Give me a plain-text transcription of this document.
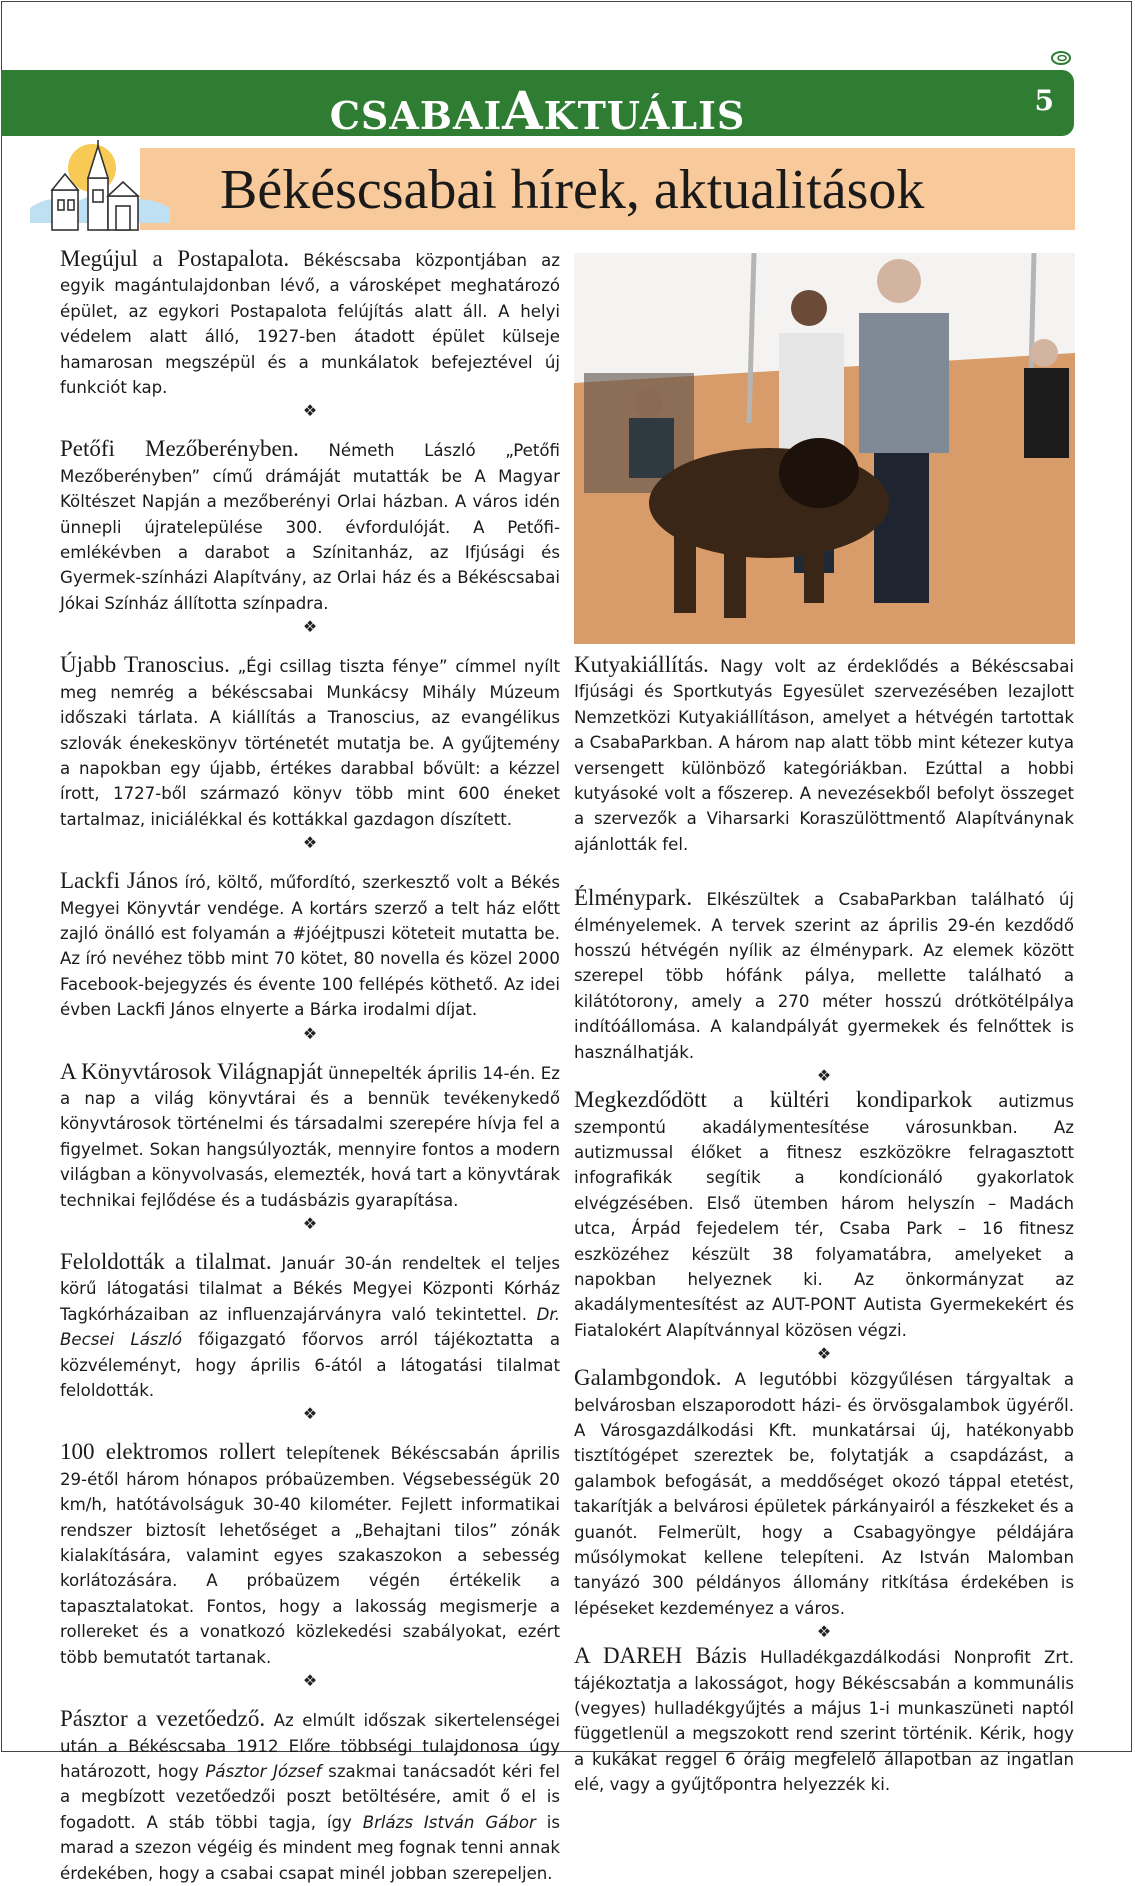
CSABAIAKTUÁLIS	5
Békéscsabai hírek, aktualitások

Megújul a Postapalota. Békéscsaba központjában az egyik magántulajdonban lévő, a városképet meghatározó épület, az egykori Postapalota felújítás alatt áll. A helyi védelem alatt álló, 1927-ben átadott épület külseje hamarosan megszépül és a munkálatok befejeztével új funkciót kap.

❖

Petőfi Mezőberényben. Németh László „Petőfi Mezőberényben” című drámáját mutatták be A Magyar Költészet Napján a mezőberényi Orlai házban. A város idén ünnepli újratelepülése 300. évfordulóját. A Petőfi-emlékévben a darabot a Színitanház, az Ifjúsági és Gyermek-színházi Alapítvány, az Orlai ház és a Békéscsabai Jókai Színház állította színpadra.

❖

Újabb Tranoscius. „Égi csillag tiszta fénye” címmel nyílt meg nemrég a békéscsabai Munkácsy Mihály Múzeum időszaki tárlata. A kiállítás a Tranoscius, az evangélikus szlovák énekeskönyv történetét mutatja be. A gyűjtemény a napokban egy újabb, értékes darabbal bővült: a kézzel írott, 1727-ből származó könyv több mint 600 éneket tartalmaz, iniciálékkal és kottákkal gazdagon díszített.

❖

Lackfi János író, költő, műfordító, szerkesztő volt a Békés Megyei Könyvtár vendége. A kortárs szerző a telt ház előtt zajló önálló est folyamán a #jóéjtpuszi köteteit mutatta be. Az író nevéhez több mint 70 kötet, 80 novella és közel 2000 Facebook-bejegyzés és évente 100 fellépés köthető. Az idei évben Lackfi János elnyerte a Bárka irodalmi díjat.

❖

A Könyvtárosok Világnapját ünnepelték április 14-én. Ez a nap a világ könyvtárai és a bennük tevékenykedő könyvtárosok történelmi és társadalmi szerepére hívja fel a figyelmet. Sokan hangsúlyozták, mennyire fontos a modern világban a könyvolvasás, elemezték, hová tart a könyvtárak technikai fejlődése és a tudásbázis gyarapítása.

❖

Feloldották a tilalmat. Január 30-án rendeltek el teljes körű látogatási tilalmat a Békés Megyei Központi Kórház Tagkórházaiban az influenzajárványra való tekintettel. Dr. Becsei László főigazgató főorvos arról tájékoztatta a közvéleményt, hogy április 6-ától a látogatási tilalmat feloldották.

❖

100 elektromos rollert telepítenek Békéscsabán április 29-étől három hónapos próbaüzemben. Végsebességük 20 km/h, hatótávolságuk 30-40 kilométer. Fejlett informatikai rendszer biztosít lehetőséget a „Behajtani tilos” zónák kialakítására, valamint egyes szakaszokon a sebesség korlátozására. A próbaüzem végén értékelik a tapasztalatokat. Fontos, hogy a lakosság megismerje a rollereket és a vonatkozó közlekedési szabályokat, ezért több bemutatót tartanak.

❖

Pásztor a vezetőedző. Az elmúlt időszak sikertelenségei után a Békéscsaba 1912 Előre többségi tulajdonosa úgy határozott, hogy Pásztor József szakmai tanácsadót kéri fel a megbízott vezetőedzői poszt betöltésére, amit ő el is fogadott. A stáb többi tagja, így Brlázs István Gábor is marad a szezon végéig és mindent meg fognak tenni annak érdekében, hogy a csabai csapat minél jobban szerepeljen.

Kutyakiállítás. Nagy volt az érdeklődés a Békéscsabai Ifjúsági és Sportkutyás Egyesület szervezésében lezajlott Nemzetközi Kutyakiállításon, amelyet a hétvégén tartottak a CsabaParkban. A három nap alatt több mint kétezer kutya versengett különböző kategóriákban. Ezúttal a hobbi kutyásoké volt a főszerep. A nevezésekből befolyt összeget a szervezők a Viharsarki Koraszülöttmentő Alapítványnak ajánlották fel.

Élménypark. Elkészültek a CsabaParkban található új élményelemek. A tervek szerint az április 29-én kezdődő hosszú hétvégén nyílik az élménypark. Az elemek között szerepel több hófánk pálya, mellette található a kilátótorony, amely a 270 méter hosszú drótkötélpálya indítóállomása. A kalandpályát gyermekek és felnőttek is használhatják.

❖

Megkezdődött a kültéri kondiparkok autizmus szempontú akadálymentesítése városunkban. Az autizmussal élőket a fitnesz eszközökre felragasztott infografikák segítik a kondícionáló gyakorlatok elvégzésében. Első ütemben három helyszín – Madách utca, Árpád fejedelem tér, Csaba Park – 16 fitnesz eszközéhez készült 38 folyamatábra, amelyeket a napokban helyeznek ki. Az önkormányzat az akadálymentesítést az AUT-PONT Autista Gyermekekért és Fiatalokért Alapítvánnyal közösen végzi.

❖

Galambgondok. A legutóbbi közgyűlésen tárgyaltak a belvárosban elszaporodott házi- és örvösgalambok ügyéről. A Városgazdálkodási Kft. munkatársai új, hatékonyabb tisztítógépet szereztek be, folytatják a csapdázást, a galambok befogását, a meddőséget okozó táppal etetést, takarítják a belvárosi épületek párkányairól a fészkeket és a guanót. Felmerült, hogy a Csabagyöngye példájára műsólymokat kellene telepíteni. Az István Malomban tanyázó 300 példányos állomány ritkítása érdekében is lépéseket kezdeményez a város.

❖

A DAREH Bázis Hulladékgazdálkodási Nonprofit Zrt. tájékoztatja a lakosságot, hogy Békéscsabán a kommunális (vegyes) hulladékgyűjtés a május 1-i munkaszüneti naptól függetlenül a megszokott rend szerint történik. Kérik, hogy a kukákat reggel 6 óráig megfelelő állapotban az ingatlan elé, vagy a gyűjtőpontra helyezzék ki.
